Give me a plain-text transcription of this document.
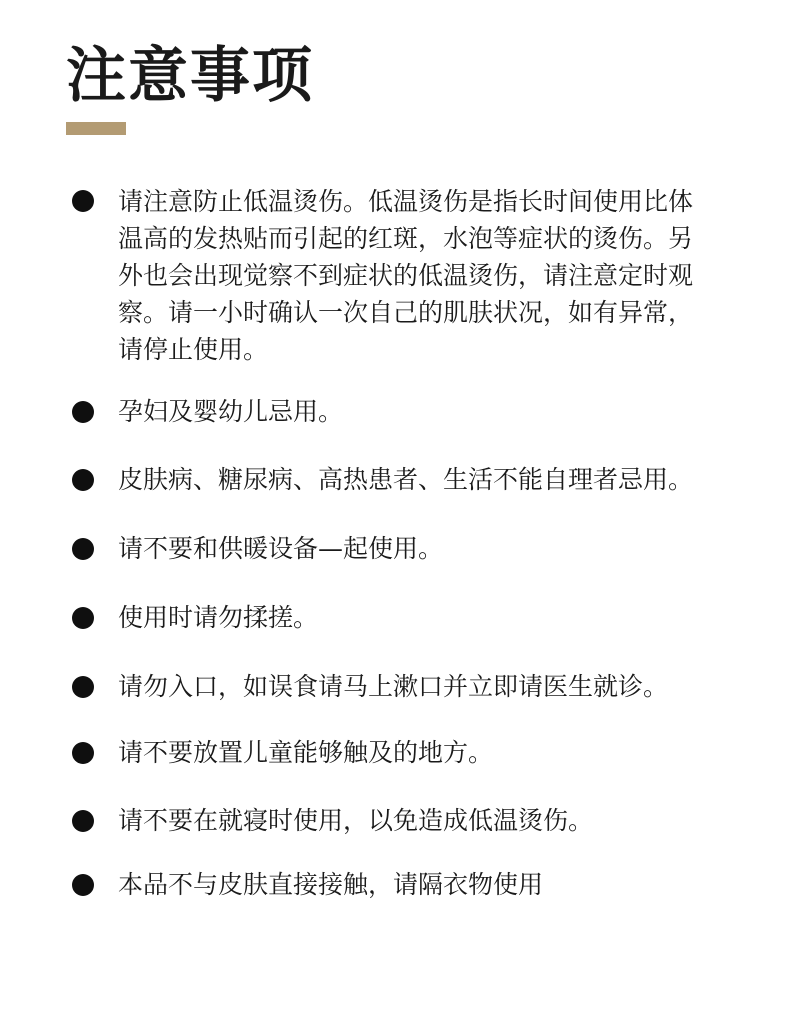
注意事项
请注意防止低温烫伤。低温烫伤是指长时间使用比体温高的发热贴而引起的红斑，水泡等症状的烫伤。另外也会出现觉察不到症状的低温烫伤，请注意定时观察。请一小时确认一次自己的肌肤状况，如有异常，请停止使用。
孕妇及婴幼儿忌用。
皮肤病、糖尿病、高热患者、生活不能自理者忌用。
请不要和供暖设备—起使用。
使用时请勿揉搓。
请勿入口，如误食请马上漱口并立即请医生就诊。
请不要放置儿童能够触及的地方。
请不要在就寝时使用，以免造成低温烫伤。
本品不与皮肤直接接触，请隔衣物使用
